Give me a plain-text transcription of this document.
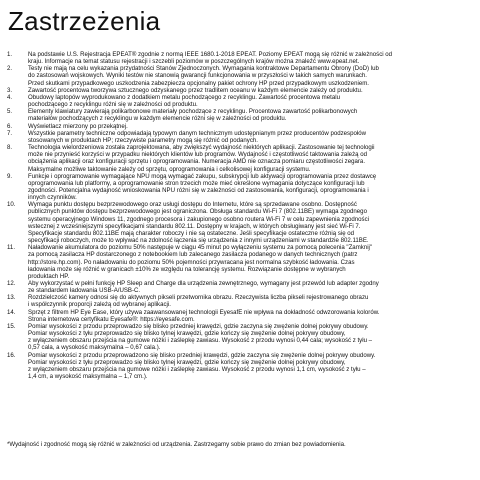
Zastrzeżenia
1.	Na podstawie U.S. Rejestracja EPEAT® zgodnie z normą IEEE 1680.1-2018 EPEAT. Poziomy EPEAT mogą się różnić w zależności od
kraju. Informacje na temat statusu rejestracji i szczebli poziomów w poszczególnych krajów można znaleźć www.epeat.net.
2.	Testy nie mają na celu wykazania przydatności Stanów Zjednoczonych. Wymagania kontraktowe Departamentu Obrony (DoD) lub
do zastosowań wojskowych. Wyniki testów nie stanowią gwarancji funkcjonowania w przyszłości w takich samych warunkach.
Przed skutkami przypadkowego uszkodzenia zabezpiecza opcjonalny pakiet ochrony HP przed przypadkowym uszkodzeniem.
3.	Zawartość procentowa tworzywa sztucznego odzyskanego przez tradlitem oceanu w każdym elemencie zależy od produktu.
4.	Obudowy laptopów wyprodukowano z dodatkiem metalu pochodzącego z recyklingu. Zawartość procentowa metalu
pochodzącego z recyklingu różni się w zależności od produktu.
5.	Elementy klawiatury zawierają polikarbonowe materiały pochodzące z recyklingu. Procentowa zawartość polikarbonowych
materiałów pochodzących z recyklingu w każdym elemencie różni się w zależności od produktu.
6.	Wyświetlacz mierzony po przekątnej.
7.	Wszystkie parametry techniczne odpowiadają typowym danym technicznym udostępnianym przez producentów podzespołów
stosowanych w produktach HP; rzeczywiste parametry mogą się różnić od podanych.
8.	Technologia wielordzeniowa została zaprojektowana, aby zwiększyć wydajność niektórych aplikacji. Zastosowanie tej technologii
może nie przynieść korzyści w przypadku niektórych klientów lub programów. Wydajność i częstotliwość taktowania zależą od
obciążenia aplikacji oraz konfiguracji sprzętu i oprogramowania. Numeracja AMD nie oznacza pomiaru częstotliwości zegara.
Maksymalne możliwe taktowanie zależy od sprzętu, oprogramowania i celkolisowej konfiguracji systemu.
9.	Funkcje i oprogramowanie wymagające NPU mogą wymagać zakupu, subskrypcji lub aktywacji oprogramowania przez dostawcę
oprogramowania lub platformy, a oprogramowanie stron trzecich może mieć określone wymagania dotyczące konfiguracji lub
zgodności. Potencjalna wydajność wnioskowania NPU różni się w zależności od zastosowania, konfiguracji, oprogramowania i
innych czynników.
10.	Wymaga punktu dostępu bezprzewodowego oraz usługi dostępu do Internetu, które są sprzedawane osobno. Dostępność
publicznych punktów dostępu bezprzewodowego jest ograniczona. Obsługa standardu Wi-Fi 7 (802.11BE) wymaga zgodnego
systemu operacyjnego Windows 11, zgodnego procesora i zakupionego osobno routera Wi-Fi 7 w celu zapewnienia zgodności
wstecznej z wcześniejszymi specyfikacjami standardu 802.11. Dostępny w krajach, w których obsługiwany jest sieć Wi-Fi 7.
Specyfikacje standardu 802.11BE mają charakter roboczy i nie są ostateczne. Jeśli specyfikacje ostateczne różnią się od
specyfikacji roboczych, może to wpływać na zdolność łączenia się urządzenia z innymi urządzeniami w standardzie 802.11BE.
11.	Naładowanie akumulatora do poziomu 50% następuje w ciągu 45 minut po wyłączeniu systemu za pomocą polecenia "Zamknij"
za pomocą zasilacza HP dostarczonego z notebookiem lub zalecanego zasilacza podanego w danych technicznych (patrz
http://store.hp.com). Po naładowaniu do poziomu 50% pojemności przywracana jest normalna szybkość ładowania. Czas
ładowania może się różnić w granicach ±10% ze względu na tolerancję systemu. Rozwiązanie dostępne w wybranych
produktach HP.
12.	Aby wykorzystać w pełni funkcję HP Sleep and Charge dla urządzenia zewnętrznego, wymagany jest przewód lub adapter zgodny
ze standardem ładowania USB-A/USB-C.
13.	Rozdzielczość kamery odnosi się do aktywnych pikseli przetwornika obrazu. Rzeczywista liczba pikseli rejestrowanego obrazu
i współczynnik proporcji zależą od wybranej aplikacji.
14.	Sprzęt z filtrem HP Eye Ease, który używa zaawansowanej technologii EyesafE nie wpływa na dokładność odwzorowania kolorów.
Strona internetowa certyfikatu Eyesafe®: https://eyesafe.com.
15.	Pomiar wysokości z przodu przeprowadzo się blisko przedniej krawędzi, gdzie zaczyna się zwężenie dolnej pokrywy obudowy.
Pomiar wysokości z tyłu przeprowadzo się blisko tylnej krawędzi, gdzie kończy się zwężenie dolnej pokrywy obudowy,
z wyłączeniem obszaru przejścia na gumowe nóżki i zaślepkę zawiasu. Wysokość z przodu wynosi 0,44 cala; wysokość z tyłu –
0,57 cala, a wysokość maksymalna – 0,67 cala.).
16.	Pomiar wysokości z przodu przeprowadzono się blisko przedniej krawędzi, gdzie zaczyna się zwężenie dolnej pokrywy obudowy.
Pomiar wysokości z tyłu przeprowadzo się blisko tylnej krawędzi, gdzie kończy się zwężenie dolnej pokrywy obudowy,
z wyłączeniem obszaru przejścia na gumowe nóżki i zaślepkę zawiasu. Wysokość z przodu wynosi 1,1 cm, wysokość z tyłu –
1,4 cm, a wysokość maksymalna – 1,7 cm.).

*Wydajność i zgodność mogą się różnić w zależności od urządzenia. Zastrzegamy sobie prawo do zmian bez powiadomienia.
